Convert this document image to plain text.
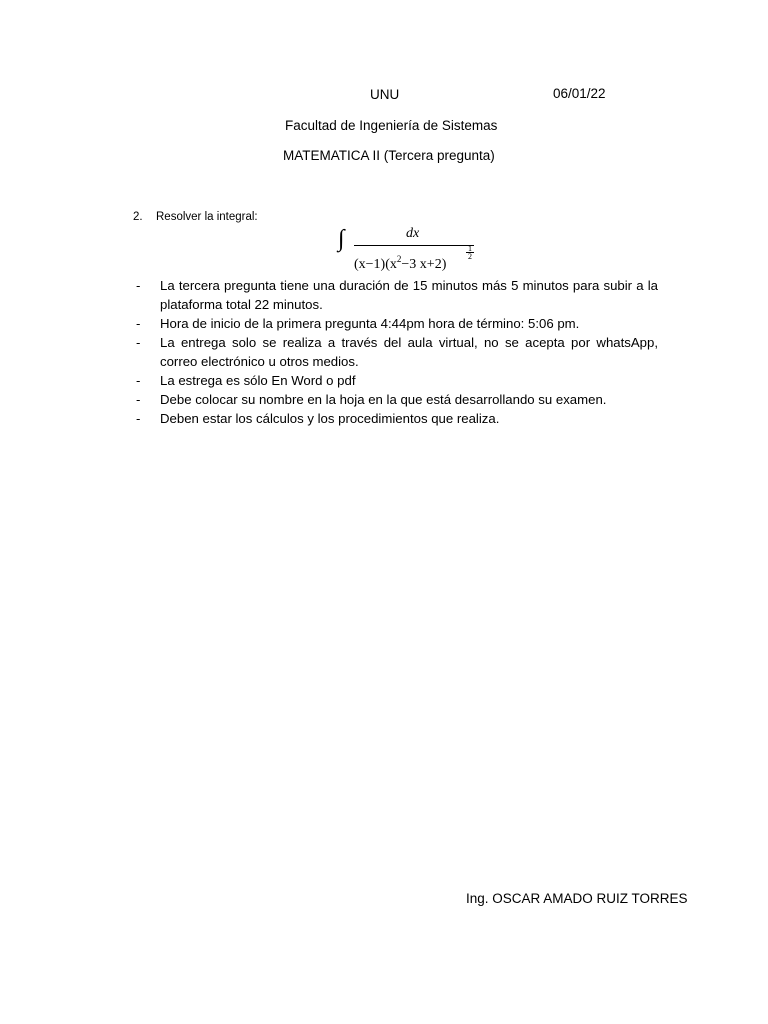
UNU	06/01/22
Facultad de Ingeniería de Sistemas
MATEMATICA II (Tercera pregunta)
2. Resolver la integral:
∫	dx
$(x-1)(x^2-3$ x+2)
$\frac{1}{2}$
- La tercera pregunta tiene una duración de 15 minutos más 5 minutos para subir a la plataforma total 22 minutos.
- Hora de inicio de la primera pregunta 4:44pm hora de término: 5:06 pm.
- La entrega solo se realiza a través del aula virtual, no se acepta por whatsApp, correo electrónico u otros medios.
- La estrega es sólo En Word o pdf
- Debe colocar su nombre en la hoja en la que está desarrollando su examen.
- Deben estar los cálculos y los procedimientos que realiza.
Ing. OSCAR AMADO RUIZ TORRES
